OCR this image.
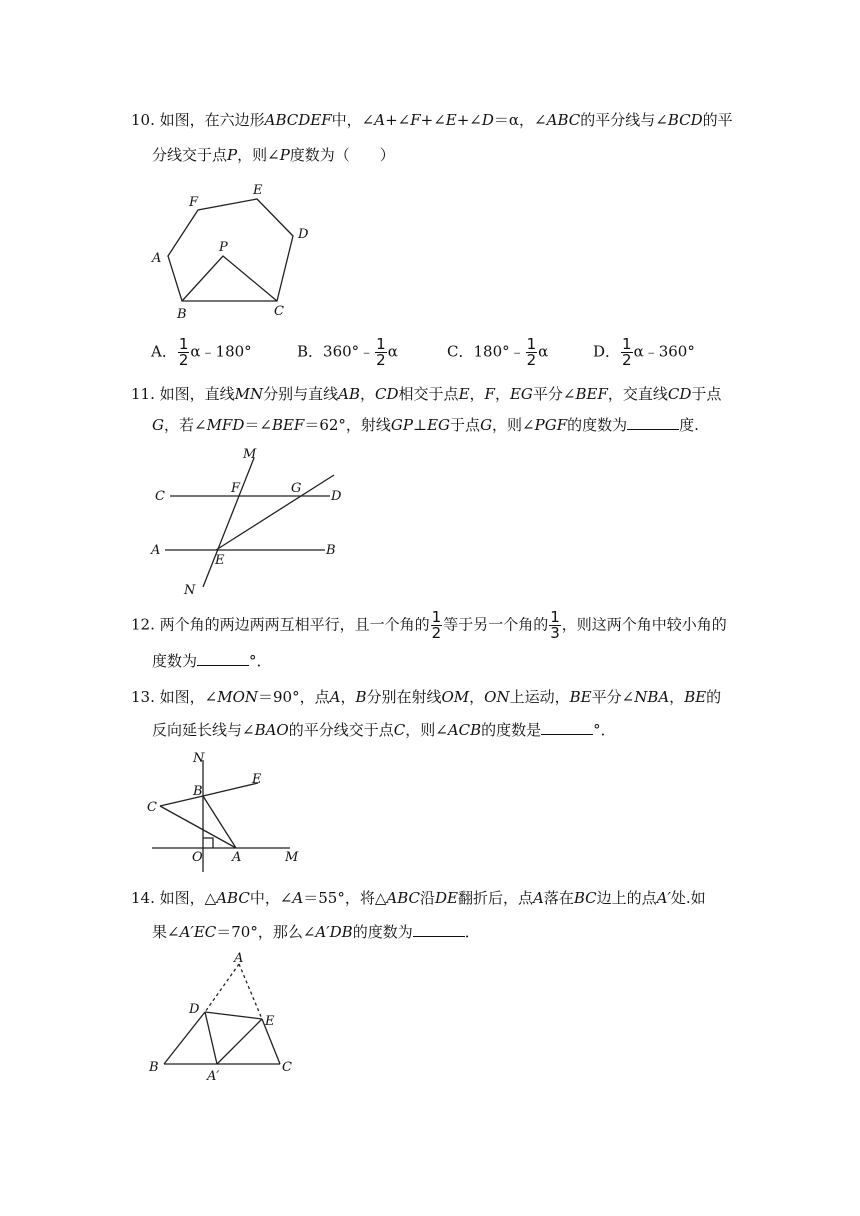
10. 如图，在六边形ABCDEF中，∠A+∠F+∠E+∠D＝α，∠ABC的平分线与∠BCD的平
分线交于点P，则∠P度数为（　　）
F
E
D
P
A
B	C
A． $\frac{1}{2}$ α﹣180°	B．360°﹣ $\frac{1}{2}$ α	C．180°﹣ $\frac{1}{2}$ α	D． $\frac{1}{2}$ α﹣360°
11. 如图，直线MN分别与直线AB，CD相交于点E，F，EG平分∠BEF，交直线CD于点
G，若∠MFD＝∠BEF＝62°，射线GP⊥EG于点G，则∠PGF的度数为	度.
M
F	G
C	D
A
E
B
N
12. 两个角的两边两两互相平行，且一个角的 $\frac{1}{2}$ 等于另一个角的 $\frac{1}{3}$ ，则这两个角中较小角的
度数为	°．
13. 如图，∠MON＝90°，点A，B分别在射线OM，ON上运动，BE平分∠NBA，BE的
反向延长线与∠BAO的平分线交于点C，则∠ACB的度数是	°．
N
E
B
C
O A	M
14. 如图，△ABC中，∠A＝55°，将△ABC沿DE翻折后，点A落在BC边上的点A′处.如
果∠A′EC＝70°，那么∠A′DB的度数为	．
A
D
E
B
A′
C
